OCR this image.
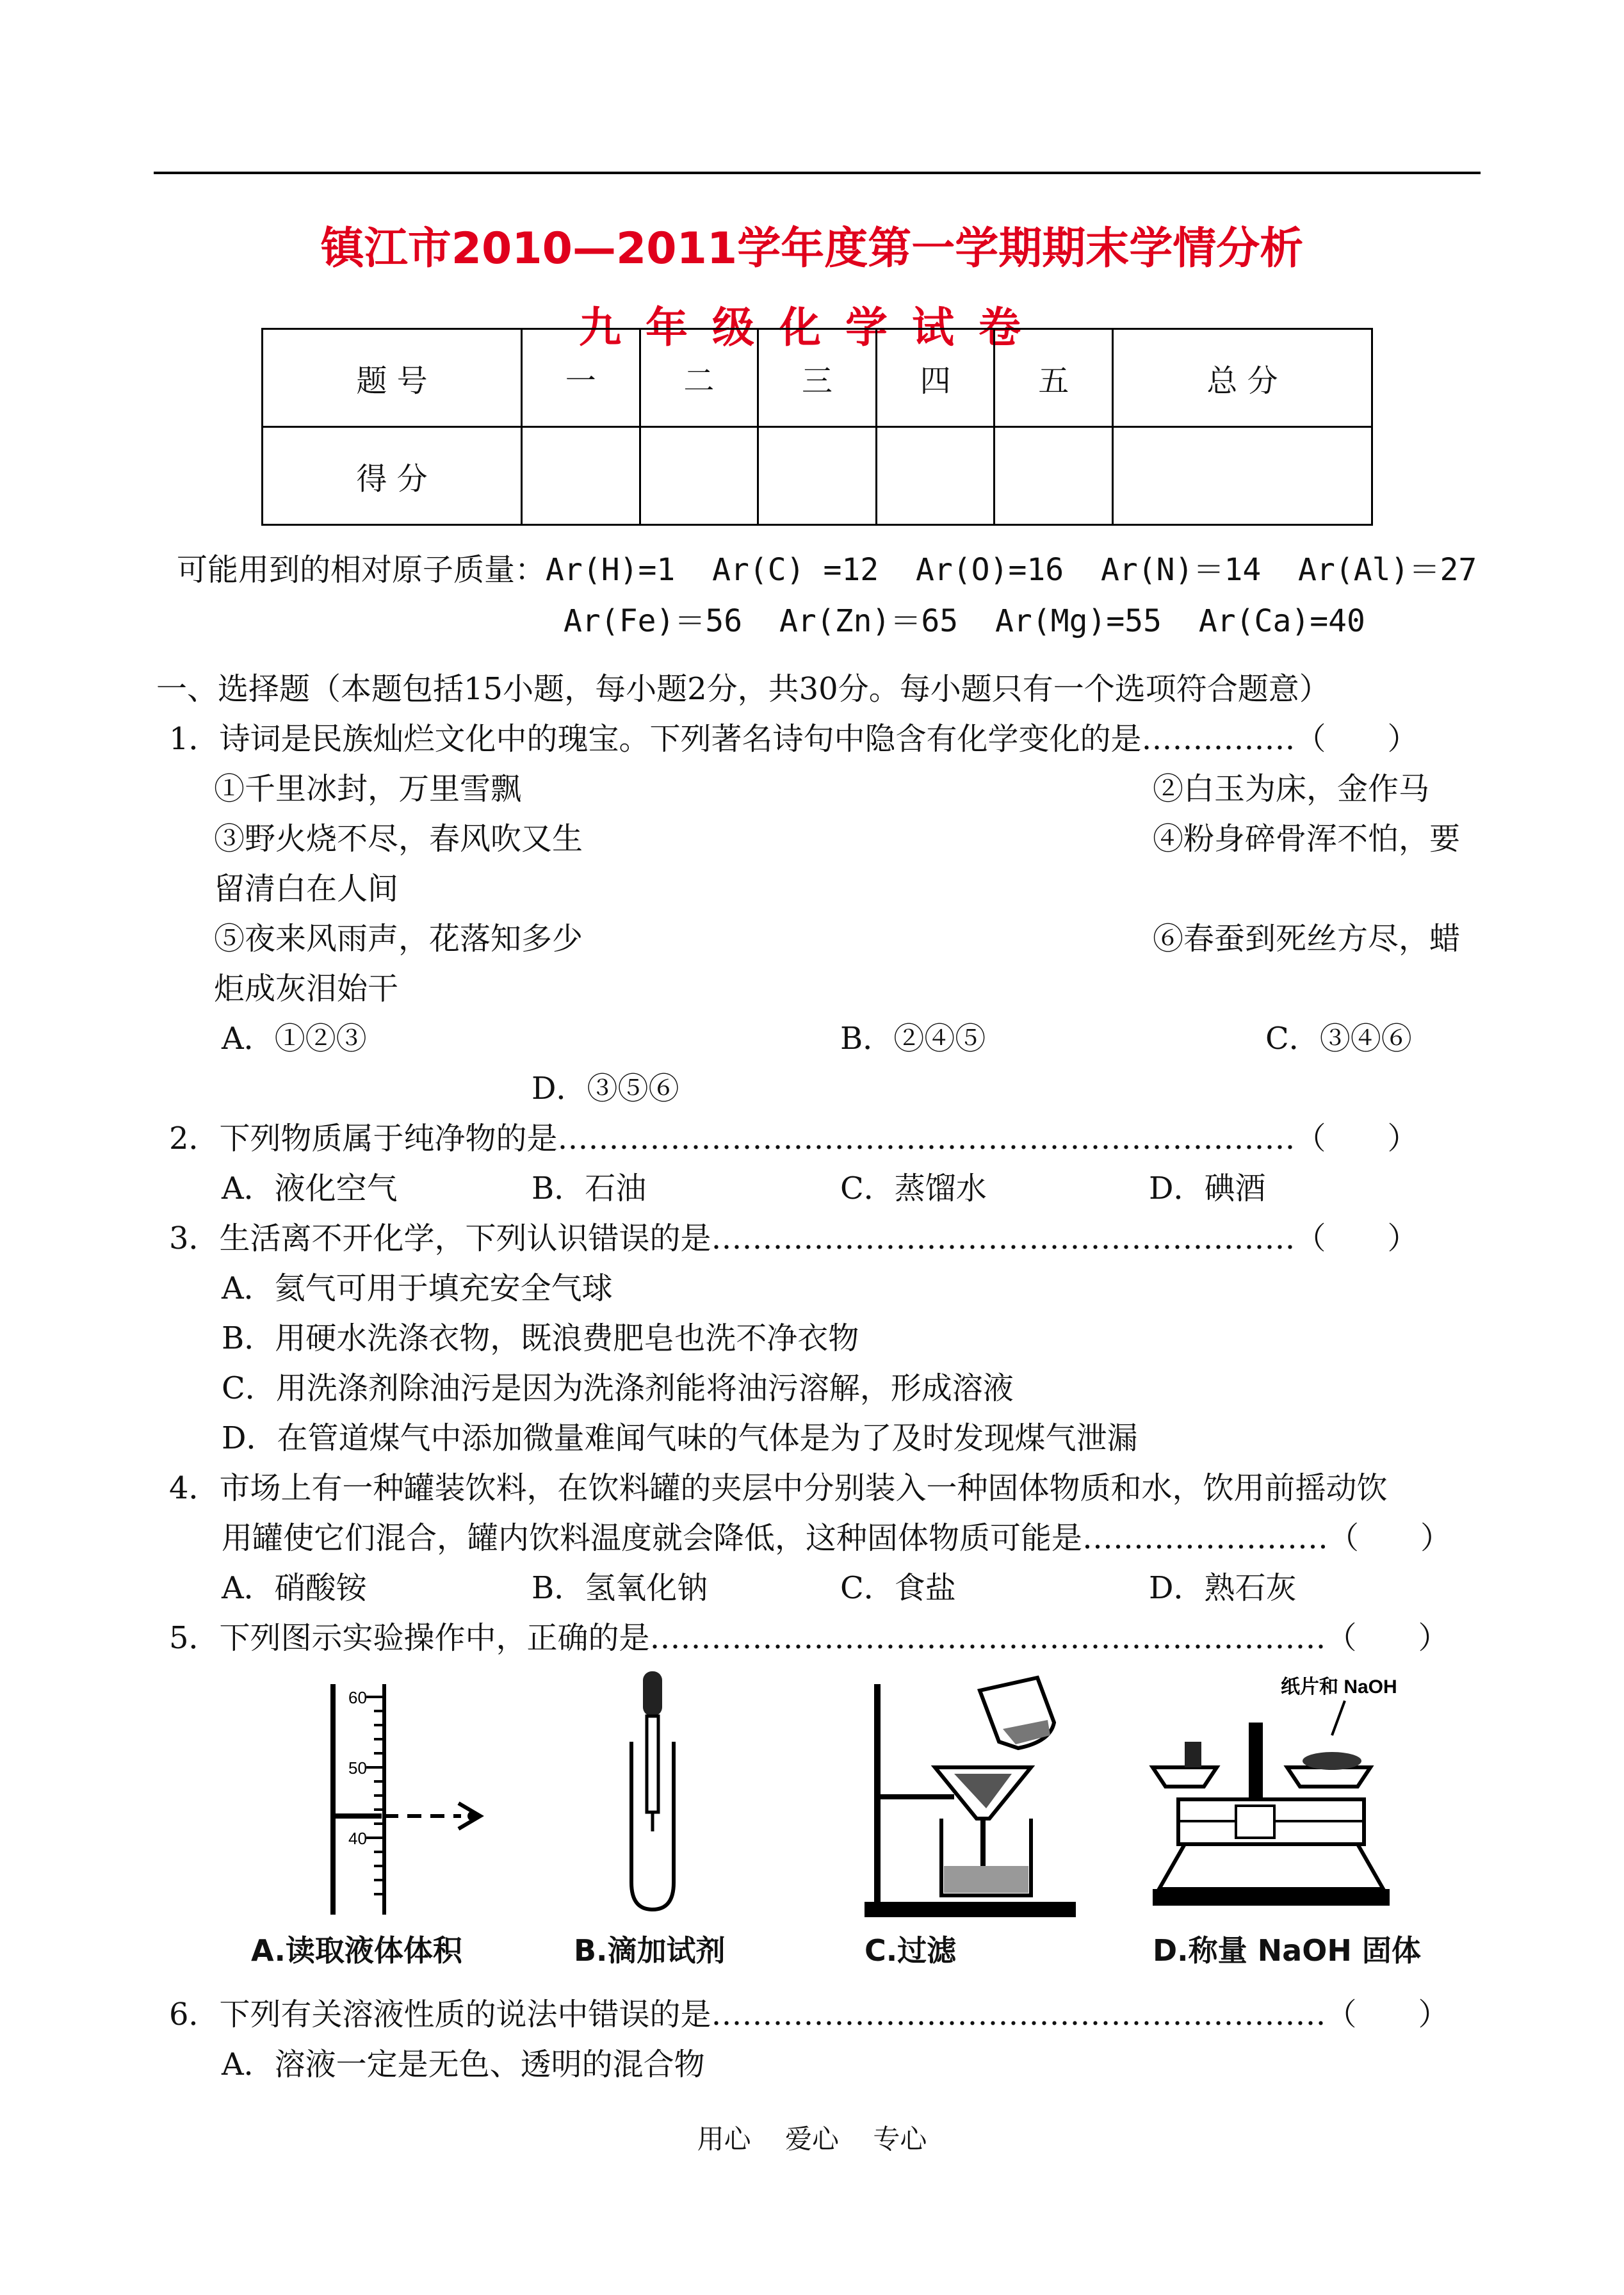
镇江市2010—2011学年度第一学期期末学情分析
九年级化学试卷
题 号	一	二	三	四	五	总 分
得 分						
可能用到的相对原子质量：Ar(H)=1  Ar(C) =12  Ar(O)=16  Ar(N)＝14  Ar(Al)＝27
Ar(Fe)＝56  Ar(Zn)＝65  Ar(Mg)=55  Ar(Ca)=40
一、选择题（本题包括15小题，每小题2分，共30分。每小题只有一个选项符合题意）
1．诗词是民族灿烂文化中的瑰宝。下列著名诗句中隐含有化学变化的是……………（　　）
①千里冰封，万里雪飘	②白玉为床，金作马
③野火烧不尽，春风吹又生	④粉身碎骨浑不怕，要
留清白在人间
⑤夜来风雨声，花落知多少	⑥春蚕到死丝方尽，蜡
炬成灰泪始干
A．①②③	B．②④⑤	C．③④⑥
D．③⑤⑥
2．下列物质属于纯净物的是………………………………………………………………（　　）
A．液化空气	B．石油	C．蒸馏水	D．碘酒
3．生活离不开化学，下列认识错误的是…………………………………………………（　　）
A．氦气可用于填充安全气球
B．用硬水洗涤衣物，既浪费肥皂也洗不净衣物
C．用洗涤剂除油污是因为洗涤剂能将油污溶解，形成溶液
D．在管道煤气中添加微量难闻气味的气体是为了及时发现煤气泄漏
4．市场上有一种罐装饮料，在饮料罐的夹层中分别装入一种固体物质和水，饮用前摇动饮
用罐使它们混合，罐内饮料温度就会降低，这种固体物质可能是……………………（　　）
A．硝酸铵	B．氢氧化钠	C．食盐	D．熟石灰
5．下列图示实验操作中，正确的是…………………………………………………………（　　）
60
50
40
纸片和 NaOH
A.读取液体体积	B.滴加试剂	C.过滤	D.称量 NaOH 固体
6．下列有关溶液性质的说法中错误的是……………………………………………………（　　）
A．溶液一定是无色、透明的混合物
用心 爱心 专心
